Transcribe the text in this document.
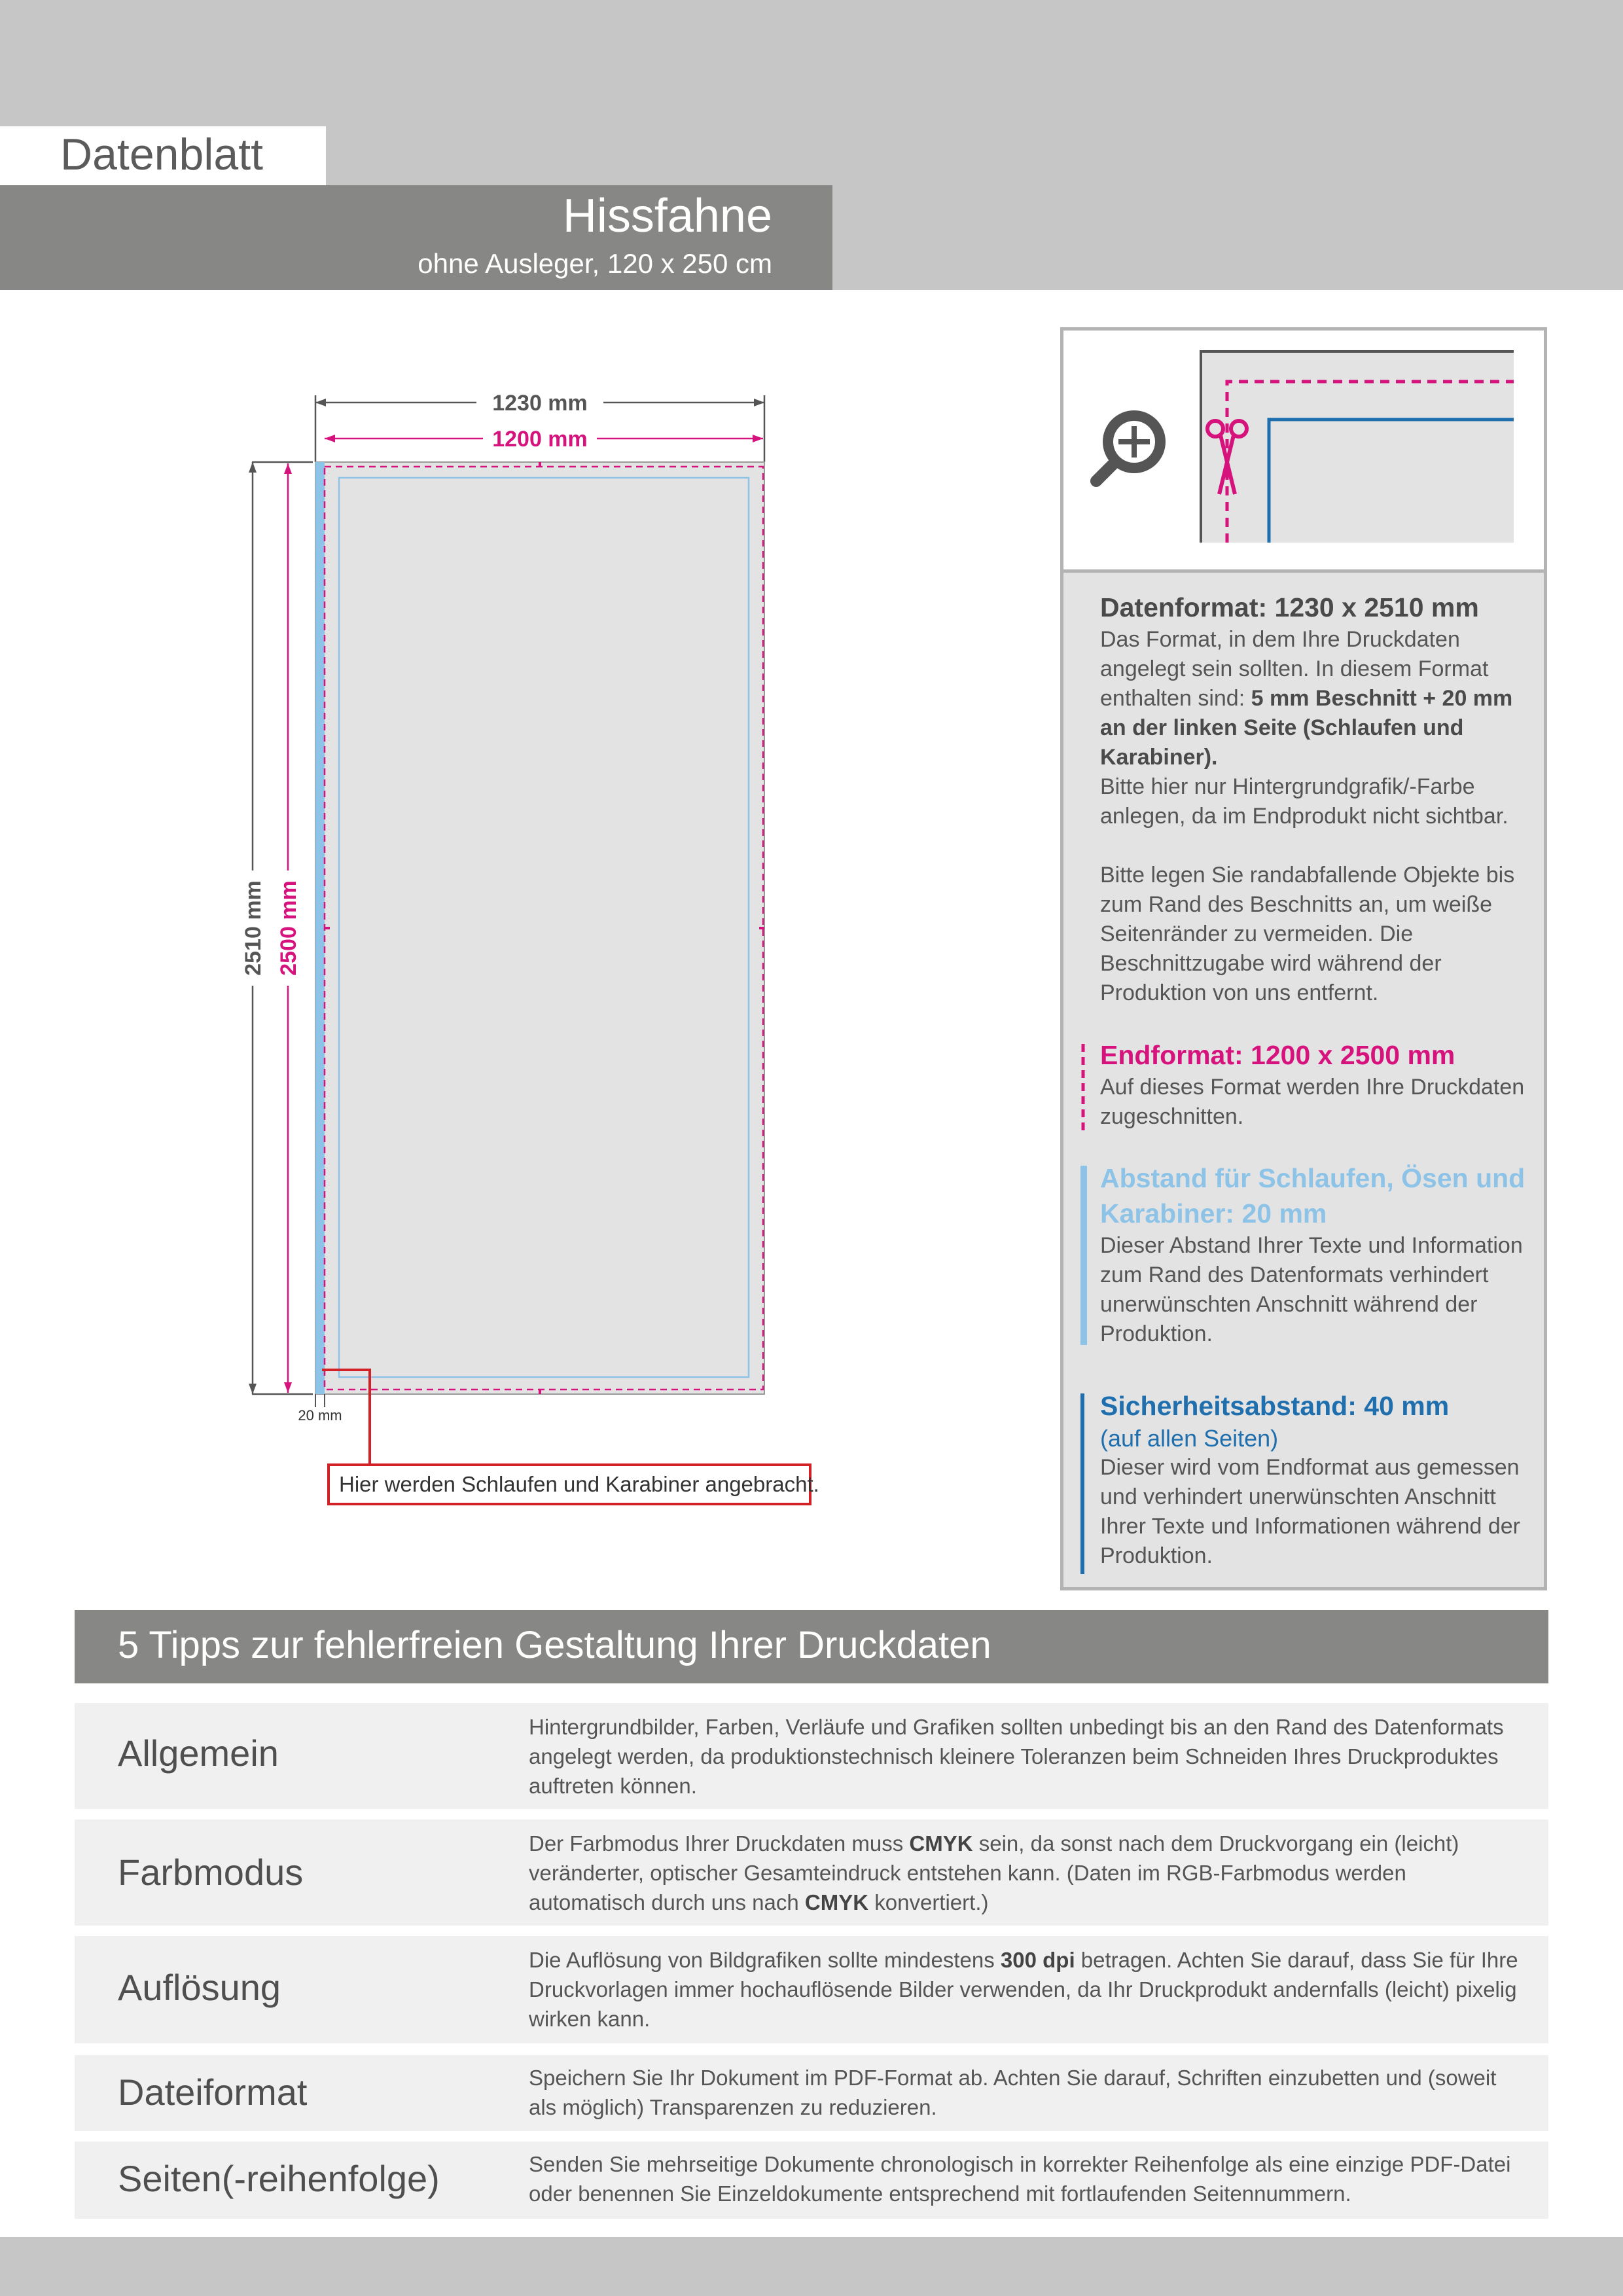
Datenblatt
Hissfahne
ohne Ausleger, 120 x 250 cm
1230 mm
1200 mm
2510 mm 2500 mm
20 mm
Hier werden Schlaufen und Karabiner angebracht.
Datenformat: 1230 x 2510 mm

Das Format, in dem Ihre Druckdaten angelegt sein sollten. In diesem Format enthalten sind: 5 mm Beschnitt + 20 mm an der linken Seite (Schlaufen und Karabiner).

Bitte hier nur Hintergrundgrafik/-Farbe anlegen, da im Endprodukt nicht sichtbar.

Bitte legen Sie randabfallende Objekte bis zum Rand des Beschnitts an, um weiße Seitenränder zu vermeiden. Die Beschnittzugabe wird während der Produktion von uns entfernt.

Endformat: 1200 x 2500 mm

Auf dieses Format werden Ihre Druckdaten zugeschnitten.

Abstand für Schlaufen, Ösen und Karabiner: 20 mm

Dieser Abstand Ihrer Texte und Information zum Rand des Datenformats verhindert unerwünschten Anschnitt während der Produktion.

Sicherheitsabstand: 40 mm

(auf allen Seiten)

Dieser wird vom Endformat aus gemessen und verhindert unerwünschten Anschnitt Ihrer Texte und Informationen während der Produktion.

5 Tipps zur fehlerfreien Gestaltung Ihrer Druckdaten
Allgemein
Hintergrundbilder, Farben, Verläufe und Grafiken sollten unbedingt bis an den Rand des Datenformats angelegt werden, da produktionstechnisch kleinere Toleranzen beim Schneiden Ihres Druckproduktes auftreten können.
Farbmodus
Der Farbmodus Ihrer Druckdaten muss CMYK sein, da sonst nach dem Druckvorgang ein (leicht) veränderter, optischer Gesamteindruck entstehen kann. (Daten im RGB-Farbmodus werden automatisch durch uns nach CMYK konvertiert.)
Auflösung
Die Auflösung von Bildgrafiken sollte mindestens 300 dpi betragen. Achten Sie darauf, dass Sie für Ihre Druckvorlagen immer hochauflösende Bilder verwenden, da Ihr Druckprodukt andernfalls (leicht) pixelig wirken kann.
Dateiformat	Speichern Sie Ihr Dokument im PDF-Format ab. Achten Sie darauf, Schriften einzubetten und (soweit als möglich) Transparenzen zu reduzieren.
Seiten(-reihenfolge)	Senden Sie mehrseitige Dokumente chronologisch in korrekter Reihenfolge als eine einzige PDF-Datei oder benennen Sie Einzeldokumente entsprechend mit fortlaufenden Seitennummern.
